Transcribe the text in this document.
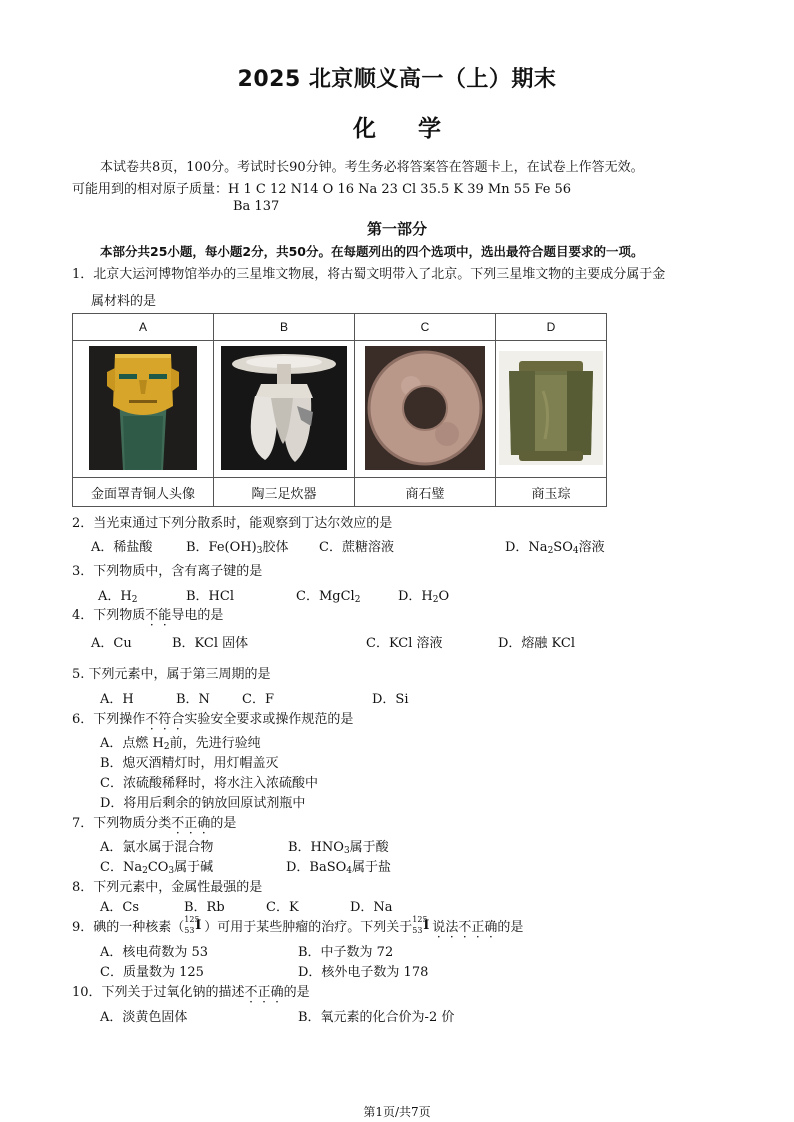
2025 北京顺义高一（上）期末
化学
本试卷共8页，100分。考试时长90分钟。考生务必将答案答在答题卡上，在试卷上作答无效。
可能用到的相对原子质量：H 1 C 12 N14 O 16 Na 23 Cl 35.5 K 39 Mn 55 Fe 56
Ba 137
第一部分
本部分共25小题，每小题2分，共50分。在每题列出的四个选项中，选出最符合题目要求的一项。
1．北京大运河博物馆举办的三星堆文物展，将古蜀文明带入了北京。下列三星堆文物的主要成分属于金
属材料的是
A	B	C	D

金面罩青铜人头像	陶三足炊器	商石璧	商玉琮
2．当光束通过下列分散系时，能观察到丁达尔效应的是
A．稀盐酸	B．$Fe(OH)_3$胶体 C．蔗糖溶液	D．$Na_2SO_4$溶液
3．下列物质中，含有离子键的是
A．$H_2$	B．HCl	C．MgCl$_2$	D．$H_2O$
4．下列物质不能导电的是
A．Cu	B．KCl 固体	C．KCl 溶液	D．熔融 KCl
5. 下列元素中，属于第三周期的是
A．H	B．N C．F	D．Si
6．下列操作不符合实验安全要求或操作规范的是
A．点燃 $H_2$前，先进行验纯
B．熄灭酒精灯时，用灯帽盖灭
C．浓硫酸稀释时，将水注入浓硫酸中
D．将用后剩余的钠放回原试剂瓶中
7．下列物质分类不正确的是
A．氯水属于混合物	B．$HNO_3$属于酸
C．$Na_2CO_3$属于碱	D．BaSO$_4$属于盐
8．下列元素中，金属性最强的是
A．Cs	B．Rb	C．K	D．Na
9．碘的一种核素（
125
53 I ）可用于某些肿瘤的治疗。下列关于
125
53 I 说法不正确的是
A．核电荷数为 53	B．中子数为 72
C．质量数为 125	D．核外电子数为 178
10．下列关于过氧化钠的描述不正确的是
A．淡黄色固体	B．氧元素的化合价为-2 价
第1页/共7页
